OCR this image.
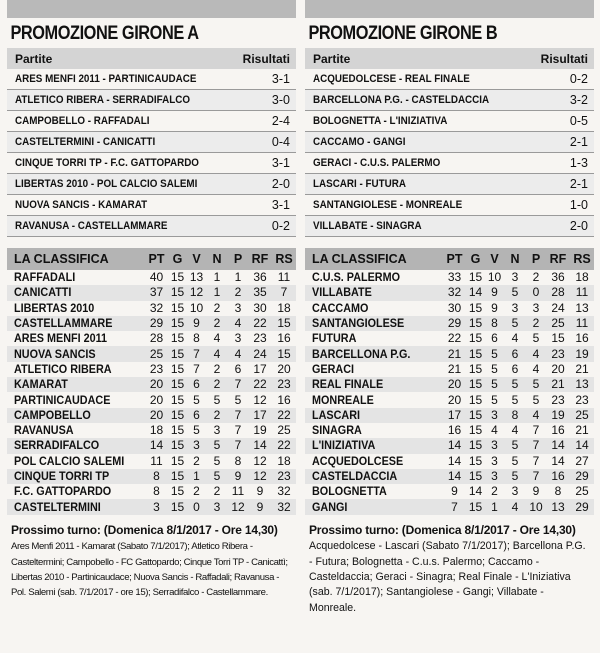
PROMOZIONE GIRONE A
Partite	Risultati
ARES MENFI 2011 - PARTINICAUDACE	3-1
ATLETICO RIBERA - SERRADIFALCO	3-0
CAMPOBELLO - RAFFADALI	2-4
CASTELTERMINI - CANICATTI	0-4
CINQUE TORRI TP - F.C. GATTOPARDO	3-1
LIBERTAS 2010 - POL CALCIO SALEMI	2-0
NUOVA SANCIS - KAMARAT	3-1
RAVANUSA - CASTELLAMMARE	0-2
LA CLASSIFICA	PT	G	V	N	P	RF	RS
RAFFADALI	40	15	13	1	1	36	11
CANICATTI	37	15	12	1	2	35	7
LIBERTAS 2010	32	15	10	2	3	30	18
CASTELLAMMARE	29	15	9	2	4	22	15
ARES MENFI 2011	28	15	8	4	3	23	16
NUOVA SANCIS	25	15	7	4	4	24	15
ATLETICO RIBERA	23	15	7	2	6	17	20
KAMARAT	20	15	6	2	7	22	23
PARTINICAUDACE	20	15	5	5	5	12	16
CAMPOBELLO	20	15	6	2	7	17	22
RAVANUSA	18	15	5	3	7	19	25
SERRADIFALCO	14	15	3	5	7	14	22
POL CALCIO SALEMI	11	15	2	5	8	12	18
CINQUE TORRI TP	8	15	1	5	9	12	23
F.C. GATTOPARDO	8	15	2	2	11	9	32
CASTELTERMINI	3	15	0	3	12	9	32
Prossimo turno: (Domenica 8/1/2017 - Ore 14,30) Ares Menfi 2011 - Kamarat (Sabato 7/1/2017); Atletico Ribera - Casteltermini; Campobello - FC Gattopardo; Cinque Torri TP - Canicattì; Libertas 2010 - Partinicaudace; Nuova Sancis - Raffadali; Ravanusa - Pol. Salemi (sab. 7/1/2017 - ore 15); Serradifalco - Castellammare.
PROMOZIONE GIRONE B
Partite	Risultati
ACQUEDOLCESE - REAL FINALE	0-2
BARCELLONA P.G. - CASTELDACCIA	3-2
BOLOGNETTA - L'INIZIATIVA	0-5
CACCAMO - GANGI	2-1
GERACI - C.U.S. PALERMO	1-3
LASCARI - FUTURA	2-1
SANTANGIOLESE - MONREALE	1-0
VILLABATE - SINAGRA	2-0
LA CLASSIFICA	PT	G	V	N	P	RF	RS
C.U.S. PALERMO	33	15	10	3	2	36	18
VILLABATE	32	14	9	5	0	28	11
CACCAMO	30	15	9	3	3	24	13
SANTANGIOLESE	29	15	8	5	2	25	11
FUTURA	22	15	6	4	5	15	16
BARCELLONA P.G.	21	15	5	6	4	23	19
GERACI	21	15	5	6	4	20	21
REAL FINALE	20	15	5	5	5	21	13
MONREALE	20	15	5	5	5	23	23
LASCARI	17	15	3	8	4	19	25
SINAGRA	16	15	4	4	7	16	21
L'INIZIATIVA	14	15	3	5	7	14	14
ACQUEDOLCESE	14	15	3	5	7	14	27
CASTELDACCIA	14	15	3	5	7	16	29
BOLOGNETTA	9	14	2	3	9	8	25
GANGI	7	15	1	4	10	13	29
Prossimo turno: (Domenica 8/1/2017 - Ore 14,30) Acquedolcese - Lascari (Sabato 7/1/2017); Barcellona P.G. - Futura; Bolognetta - C.u.s. Palermo; Caccamo - Casteldaccia; Geraci - Sinagra; Real Finale - L'Iniziativa (sab. 7/1/2017); Santangiolese - Gangi; Villabate - Monreale.
